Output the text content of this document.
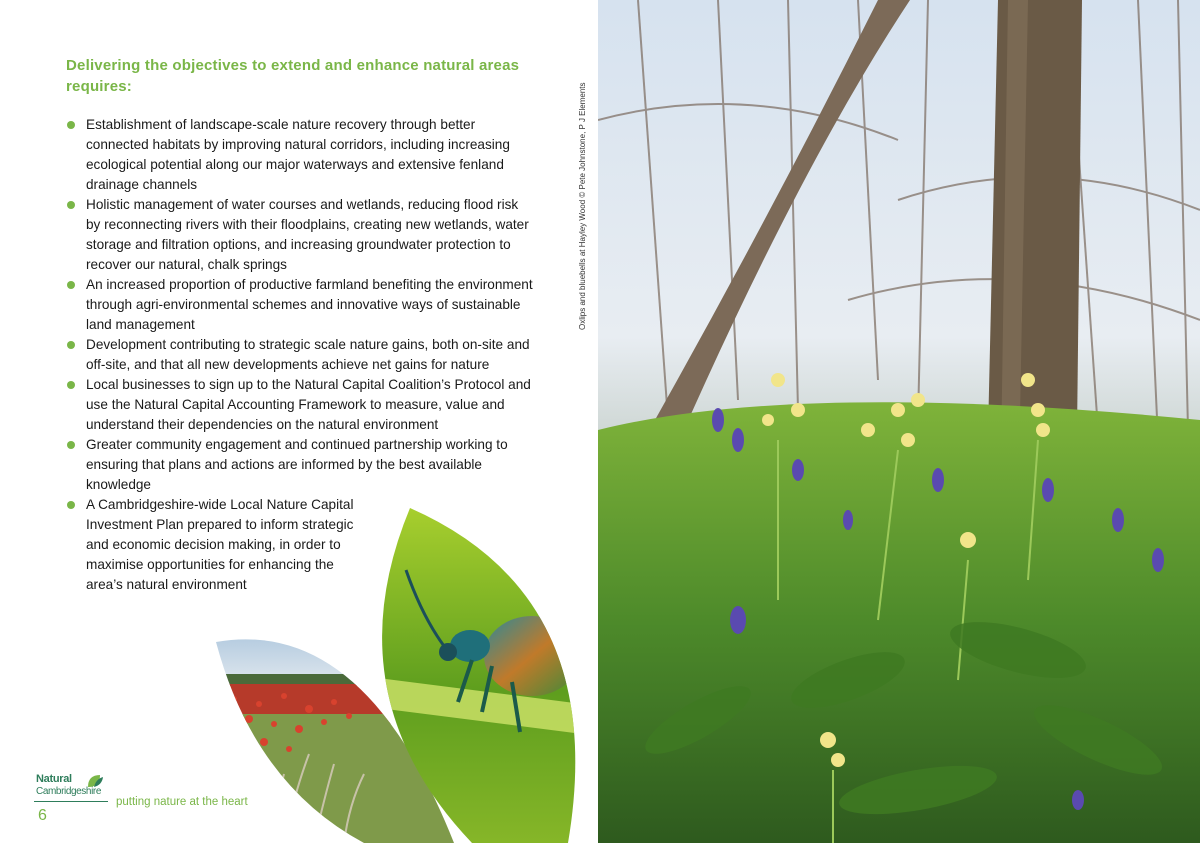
Delivering the objectives to extend and enhance natural areas requires:
Establishment of landscape-scale nature recovery through better connected habitats by improving natural corridors, including increasing ecological potential along our major waterways and extensive fenland drainage channels
Holistic management of water courses and wetlands, reducing flood risk by reconnecting rivers with their floodplains, creating new wetlands, water storage and filtration options, and increasing groundwater protection to recover our natural, chalk springs
An increased proportion of productive farmland benefiting the environment through agri-environmental schemes and innovative ways of sustainable land management
Development contributing to strategic scale nature gains, both on-site and off-site, and that all new developments achieve net gains for nature
Local businesses to sign up to the Natural Capital Coalition’s Protocol and use the Natural Capital Accounting Framework to measure, value and understand their dependencies on the natural environment
Greater community engagement and continued partnership working to ensuring that plans and actions are informed by the best available knowledge
A Cambridgeshire-wide Local Nature Capital Investment Plan prepared to inform strategic and economic decision making, in order to maximise opportunities for enhancing the area’s natural environment
Oxlips and bluebells at Hayley Wood © Pete Johnstone, P J Elements
Natural
Cambridgeshire
6
putting nature at the heart
